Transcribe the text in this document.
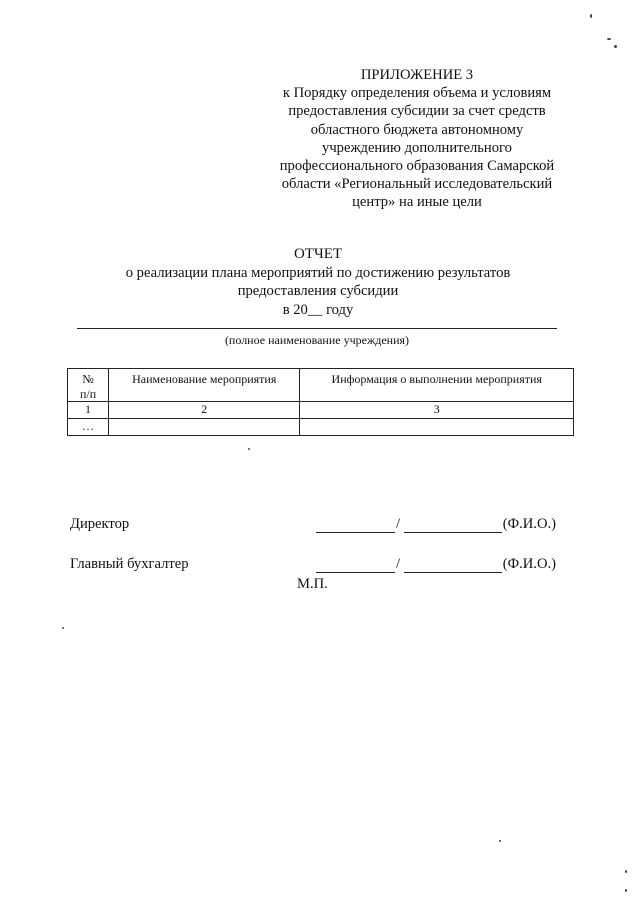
ПРИЛОЖЕНИЕ 3
к Порядку определения объема и условиям
предоставления субсидии за счет средств
областного бюджета автономному
учреждению дополнительного
профессионального образования Самарской
области «Региональный исследовательский
центр» на иные цели
ОТЧЕТ
о реализации плана мероприятий по достижению результатов
предоставления субсидии
в 20__ году
(полное наименование учреждения)
№
п/п	Наименование мероприятия	Информация о выполнении мероприятия
1	2	3
…		
Директор	/	(Ф.И.О.)
Главный бухгалтер	/	(Ф.И.О.)
М.П.
